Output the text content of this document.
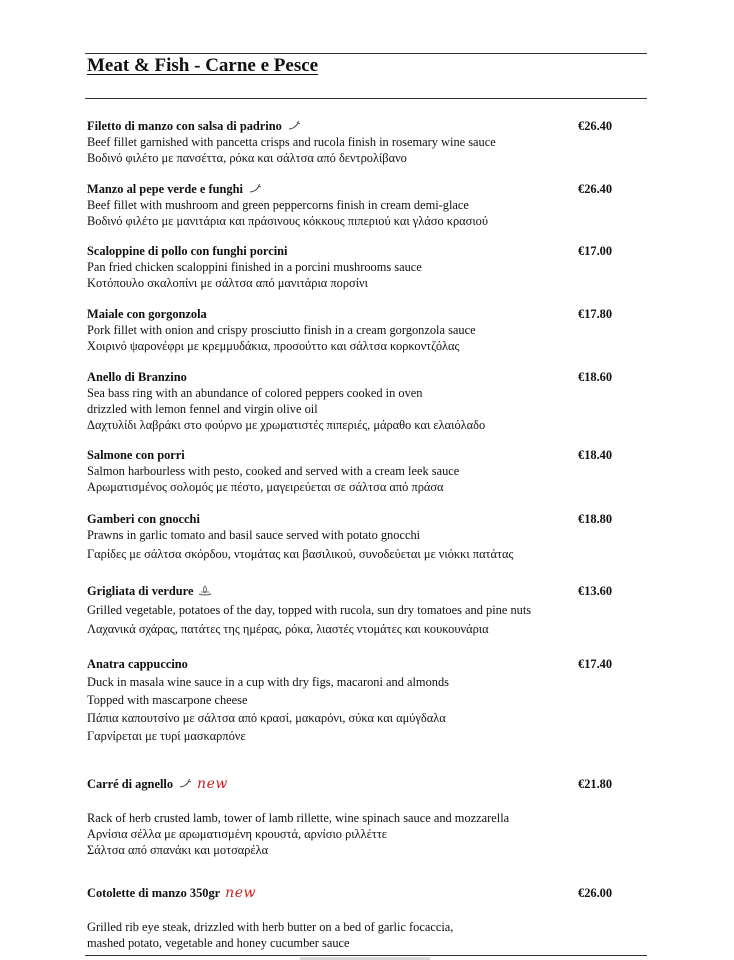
Meat & Fish - Carne e Pesce
Filetto di manzo con salsa di padrino
Beef fillet garnished with pancetta crisps and rucola finish in rosemary wine sauce
Βοδινό φιλέτο με πανσέττα, ρόκα και σάλτσα από δεντρολίβανο
€26.40
Manzo al pepe verde e funghi
Beef fillet with mushroom and green peppercorns finish in cream demi-glace
Βοδινό φιλέτο με μανιτάρια και πράσινους κόκκους πιπεριού και γλάσο κρασιού
€26.40
Scaloppine di pollo con funghi porcini
Pan fried chicken scaloppini finished in a porcini mushrooms sauce
Κοτόπουλο σκαλοπίνι με σάλτσα από μανιτάρια πορσίνι
€17.00
Maiale con gorgonzola
Pork fillet with onion and crispy prosciutto finish in a cream gorgonzola sauce
Χοιρινό ψαρονέφρι με κρεμμυδάκια, προσούττο και σάλτσα κορκοντζόλας
€17.80
Anello di Branzino
Sea bass ring with an abundance of colored peppers cooked in oven
drizzled with lemon fennel and virgin olive oil
Δαχτυλίδι λαβράκι στο φούρνο με χρωματιστές πιπεριές, μάραθο και ελαιόλαδο
€18.60
Salmone con porri
Salmon harbourless with pesto, cooked and served with a cream leek sauce
Αρωματισμένος σολομός με πέστο, μαγειρεύεται σε σάλτσα από πράσα
€18.40
Gamberi con gnocchi
Prawns in garlic tomato and basil sauce served with potato gnocchi
Γαρίδες με σάλτσα σκόρδου, ντομάτας και βασιλικού, συνοδεύεται με νιόκκι πατάτας
€18.80
Grigliata di verdure
Grilled vegetable, potatoes of the day, topped with rucola, sun dry tomatoes and pine nuts
Λαχανικά σχάρας, πατάτες της ημέρας, ρόκα, λιαστές ντομάτες και κουκουνάρια
€13.60
Anatra cappuccino
Duck in masala wine sauce in a cup with dry figs, macaroni and almonds
Topped with mascarpone cheese
Πάπια καπουτσίνο με σάλτσα από κρασί, μακαρόνι, σύκα και αμύγδαλα
Γαρνίρεται με τυρί μασκαρπόνε
€17.40
Carré di agnello new
Rack of herb crusted lamb, tower of lamb rillette, wine spinach sauce and mozzarella
Αρνίσια σέλλα με αρωματισμένη κρουστά, αρνίσιο ριλλέττε
Σάλτσα από σπανάκι και μοτσαρέλα
€21.80
Cotolette di manzo 350gr new
Grilled rib eye steak, drizzled with herb butter on a bed of garlic focaccia,
mashed potato, vegetable and honey cucumber sauce
€26.00
